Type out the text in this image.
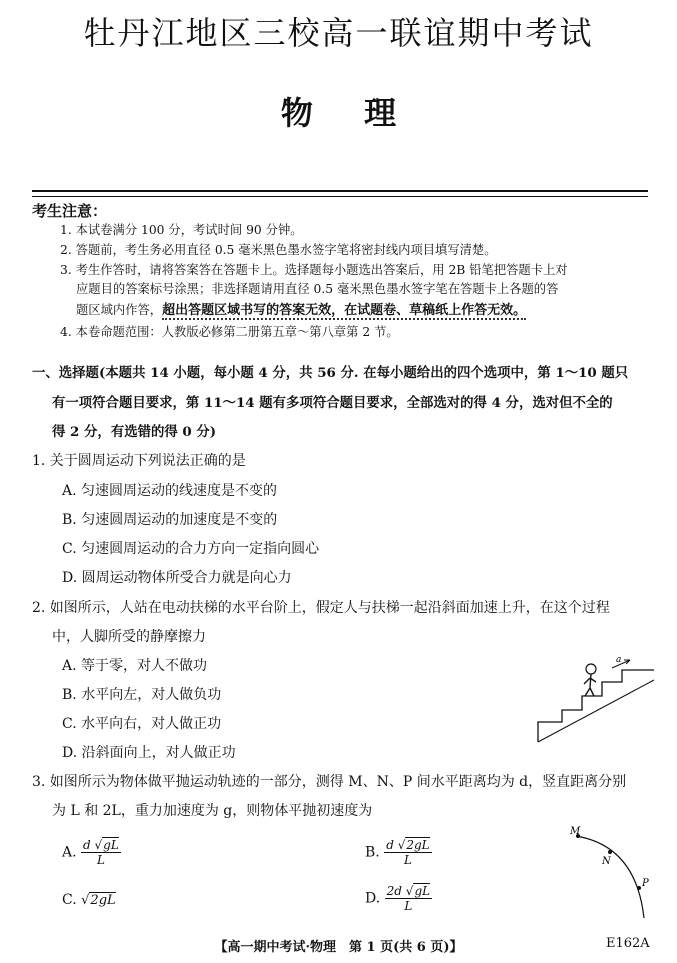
牡丹江地区三校高一联谊期中考试
物 理
考生注意：
1. 本试卷满分 100 分，考试时间 90 分钟。
2. 答题前，考生务必用直径 0.5 毫米黑色墨水签字笔将密封线内项目填写清楚。
3. 考生作答时，请将答案答在答题卡上。选择题每小题选出答案后，用 2B 铅笔把答题卡上对
应题目的答案标号涂黑；非选择题请用直径 0.5 毫米黑色墨水签字笔在答题卡上各题的答
题区域内作答，超出答题区域书写的答案无效，在试题卷、草稿纸上作答无效。
4. 本卷命题范围：人教版必修第二册第五章～第八章第 2 节。
一、选择题(本题共 14 小题，每小题 4 分，共 56 分. 在每小题给出的四个选项中，第 1～10 题只
有一项符合题目要求，第 11～14 题有多项符合题目要求，全部选对的得 4 分，选对但不全的
得 2 分，有选错的得 0 分)
1. 关于圆周运动下列说法正确的是
A. 匀速圆周运动的线速度是不变的
B. 匀速圆周运动的加速度是不变的
C. 匀速圆周运动的合力方向一定指向圆心
D. 圆周运动物体所受合力就是向心力
2. 如图所示，人站在电动扶梯的水平台阶上，假定人与扶梯一起沿斜面加速上升，在这个过程
中，人脚所受的静摩擦力
A. 等于零，对人不做功
B. 水平向左，对人做负功
C. 水平向右，对人做正功
D. 沿斜面向上，对人做正功
a
3. 如图所示为物体做平抛运动轨迹的一部分，测得 M、N、P 间水平距离均为 d，竖直距离分别
为 L 和 2L，重力加速度为 g，则物体平抛初速度为
A. $\frac{d √gL}{L}$	B. $\frac{d √2gL}{L}$
C. √2gL	D. $\frac{2d √gL}{L}$
M
N
P
【高一期中考试·物理　第 1 页(共 6 页)】	E162A
